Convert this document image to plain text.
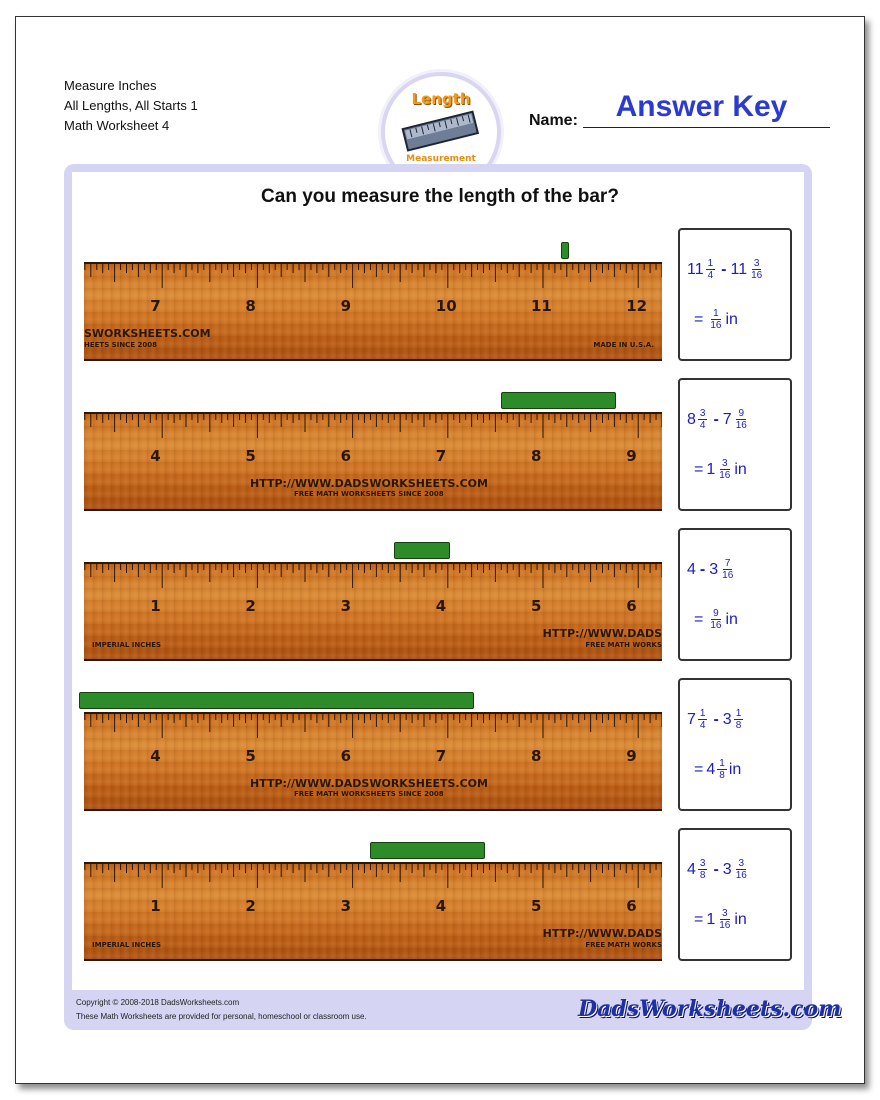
Measure Inches
All Lengths, All Starts 1
Math Worksheet 4
Length
Measurement
Name:	Answer Key
Can you measure the length of the bar?
7	8	9	10	11	12
SWORKSHEETS.COM
HEETS SINCE 2008	MADE IN U.S.A.
$11 \frac{1}{4} - 11 \frac{3}{16}$
= $\frac{1}{16}$ in
4	5	6	7	8	9
HTTP://WWW.DADSWORKSHEETS.COM
FREE MATH WORKSHEETS SINCE 2008
$8 \frac{3}{4} - 7 \frac{9}{16}$
= $1 \frac{3}{16}$ in
1	2	3	4	5	6
IMPERIAL INCHES
HTTP://WWW.DADS
FREE MATH WORKS
$4 - 3 \frac{7}{16}$
= $\frac{9}{16}$ in
4	5	6	7	8	9
HTTP://WWW.DADSWORKSHEETS.COM
FREE MATH WORKSHEETS SINCE 2008
$7 \frac{1}{4} - 3 \frac{1}{8}$
= $4 \frac{1}{8}$ in
1	2	3	4	5	6
IMPERIAL INCHES
HTTP://WWW.DADS
FREE MATH WORKS
$4 \frac{3}{8} - 3 \frac{3}{16}$
= $1 \frac{3}{16}$ in
Copyright © 2008-2018 DadsWorksheets.com
These Math Worksheets are provided for personal, homeschool or classroom use.	DadsWorksheets.com
